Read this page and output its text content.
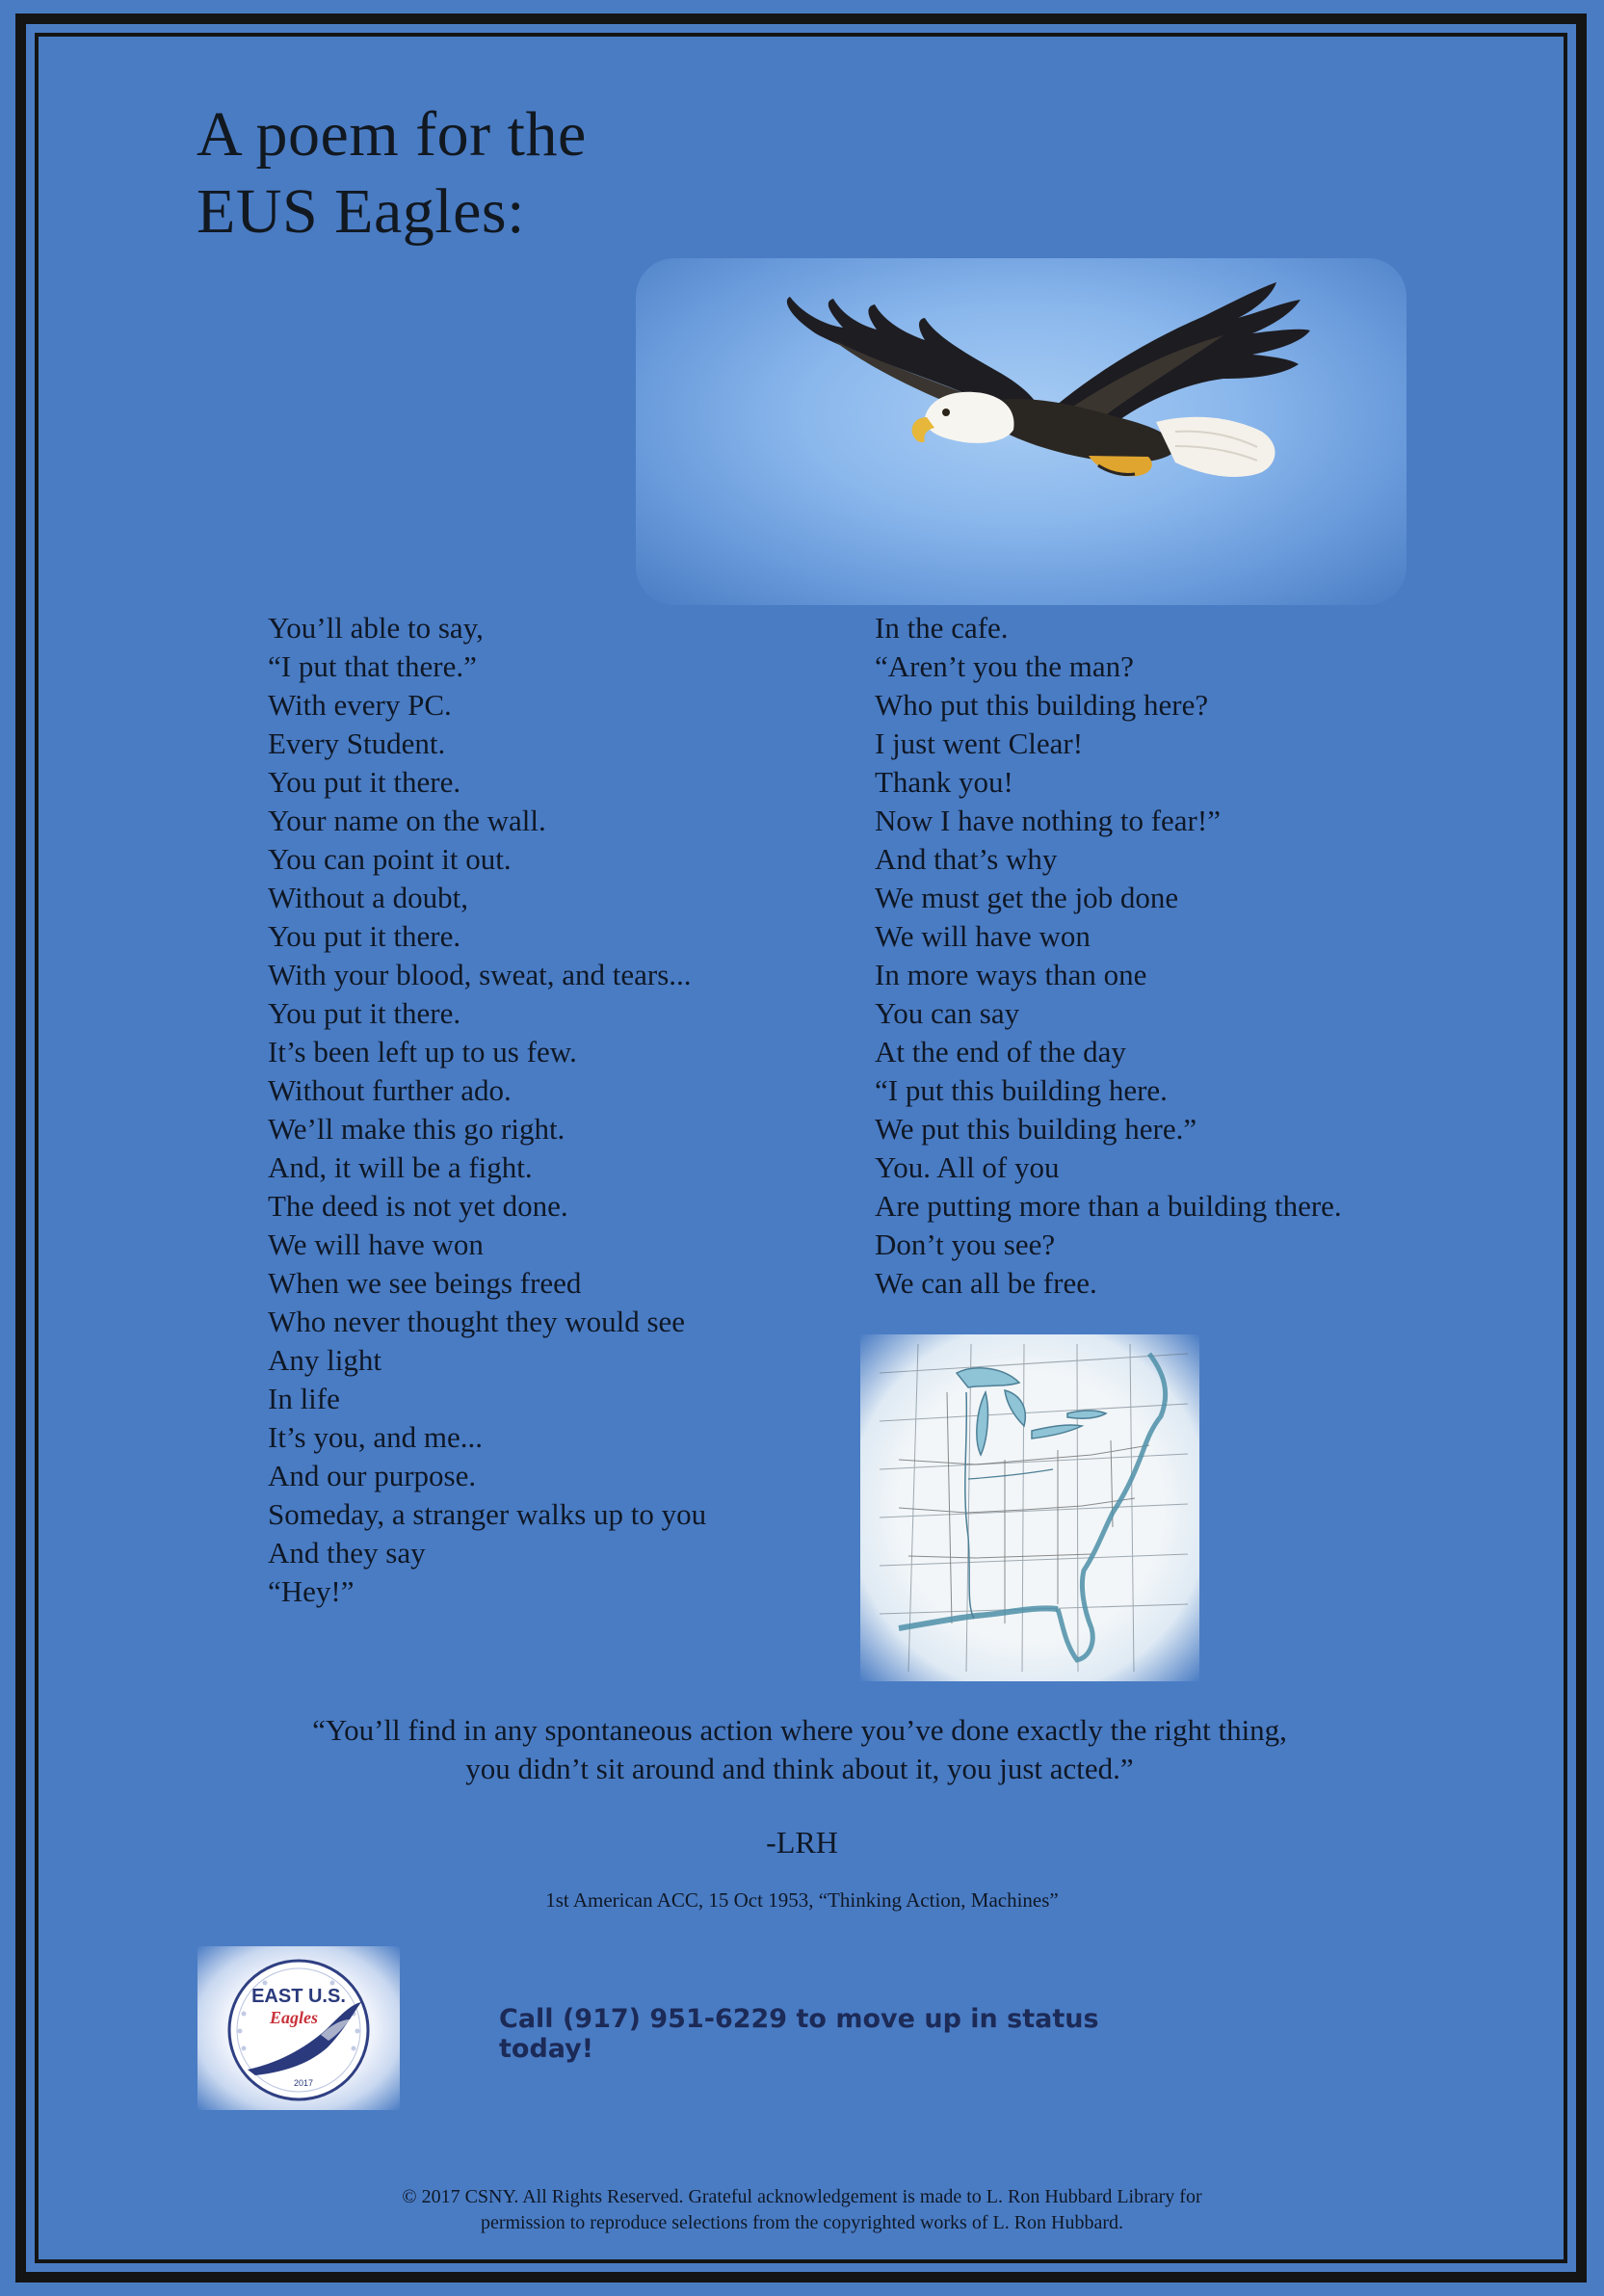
A poem for the
EUS Eagles:
You’ll able to say,
“I put that there.”
With every PC.
Every Student.
You put it there.
Your name on the wall.
You can point it out.
Without a doubt,
You put it there.
With your blood, sweat, and tears...
You put it there.
It’s been left up to us few.
Without further ado.
We’ll make this go right.
And, it will be a fight.
The deed is not yet done.
We will have won
When we see beings freed
Who never thought they would see
Any light
In life
It’s you, and me...
And our purpose.
Someday, a stranger walks up to you
And they say
“Hey!”
In the cafe.
“Aren’t you the man?
Who put this building here?
I just went Clear!
Thank you!
Now I have nothing to fear!”
And that’s why
We must get the job done
We will have won
In more ways than one
You can say
At the end of the day
“I put this building here.
We put this building here.”
You. All of you
Are putting more than a building there.
Don’t you see?
We can all be free.
“You’ll find in any spontaneous action where you’ve done exactly the right thing, you didn’t sit around and think about it, you just acted.”
-LRH
1st American ACC, 15 Oct 1953, “Thinking Action, Machines”
EAST U.S.
Eagles
2017
Call (917) 951-6229 to move up in status today!
© 2017 CSNY. All Rights Reserved. Grateful acknowledgement is made to L. Ron Hubbard Library for
permission to reproduce selections from the copyrighted works of L. Ron Hubbard.
